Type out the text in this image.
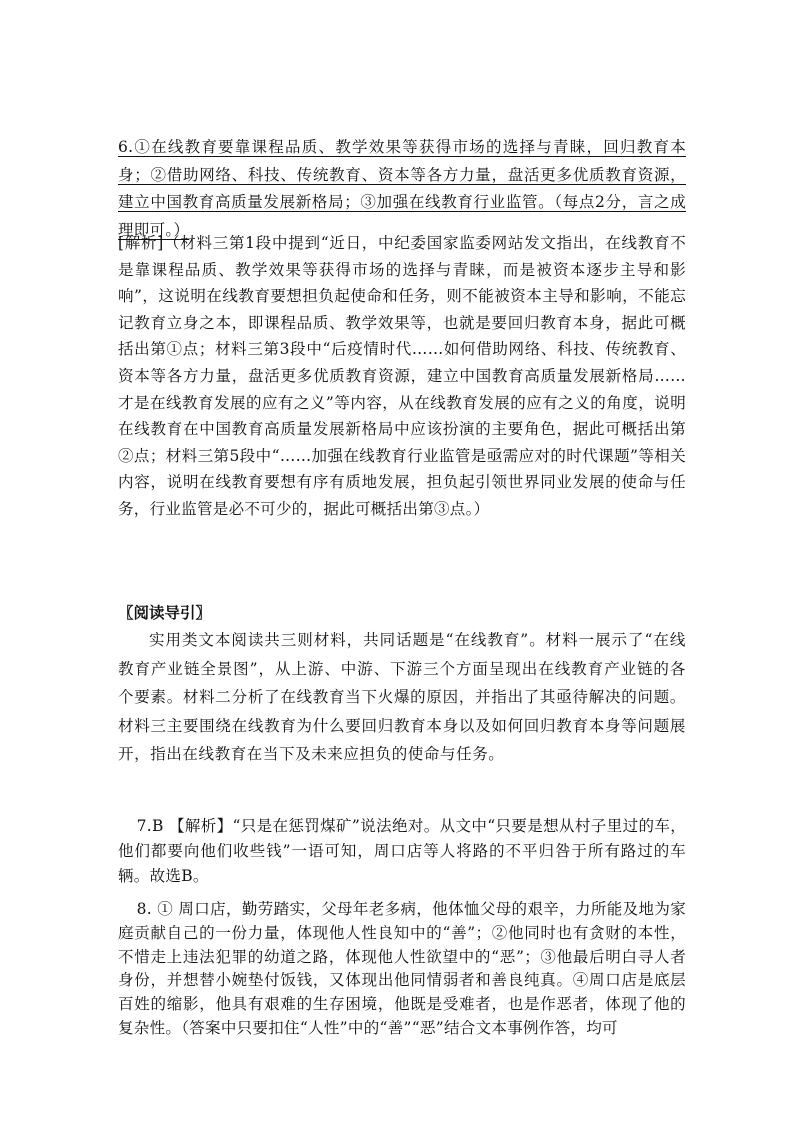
6.①在线教育要靠课程品质、教学效果等获得市场的选择与青睐，回归教育本身；②借助网络、科技、传统教育、资本等各方力量，盘活更多优质教育资源，建立中国教育高质量发展新格局；③加强在线教育行业监管。（每点2分，言之成理即可。）

[解析]（材料三第1段中提到“近日，中纪委国家监委网站发文指出，在线教育不是靠课程品质、教学效果等获得市场的选择与青睐，而是被资本逐步主导和影响”，这说明在线教育要想担负起使命和任务，则不能被资本主导和影响，不能忘记教育立身之本，即课程品质、教学效果等，也就是要回归教育本身，据此可概括出第①点；材料三第3段中“后疫情时代……如何借助网络、科技、传统教育、资本等各方力量，盘活更多优质教育资源，建立中国教育高质量发展新格局……才是在线教育发展的应有之义”等内容，从在线教育发展的应有之义的角度，说明在线教育在中国教育高质量发展新格局中应该扮演的主要角色，据此可概括出第②点；材料三第5段中“……加强在线教育行业监管是亟需应对的时代课题”等相关内容，说明在线教育要想有序有质地发展，担负起引领世界同业发展的使命与任务，行业监管是必不可少的，据此可概括出第③点。）

〖阅读导引〗

实用类文本阅读共三则材料，共同话题是“在线教育”。材料一展示了“在线教育产业链全景图”，从上游、中游、下游三个方面呈现出在线教育产业链的各个要素。材料二分析了在线教育当下火爆的原因，并指出了其亟待解决的问题。材料三主要围绕在线教育为什么要回归教育本身以及如何回归教育本身等问题展开，指出在线教育在当下及未来应担负的使命与任务。

7.B 【解析】“只是在惩罚煤矿”说法绝对。从文中“只要是想从村子里过的车，他们都要向他们收些钱”一语可知，周口店等人将路的不平归咎于所有路过的车辆。故选B。

8. ① 周口店，勤劳踏实，父母年老多病，他体恤父母的艰辛，力所能及地为家庭贡献自己的一份力量，体现他人性良知中的“善”；②他同时也有贪财的本性，不惜走上违法犯罪的幼道之路，体现他人性欲望中的“恶”；③他最后明白寻人者身份，并想替小婉垫付饭钱，又体现出他同情弱者和善良纯真。④周口店是底层百姓的缩影，他具有艰难的生存困境，他既是受难者，也是作恶者，体现了他的复杂性。（答案中只要扣住“人性”中的“善”“恶”结合文本事例作答，均可
